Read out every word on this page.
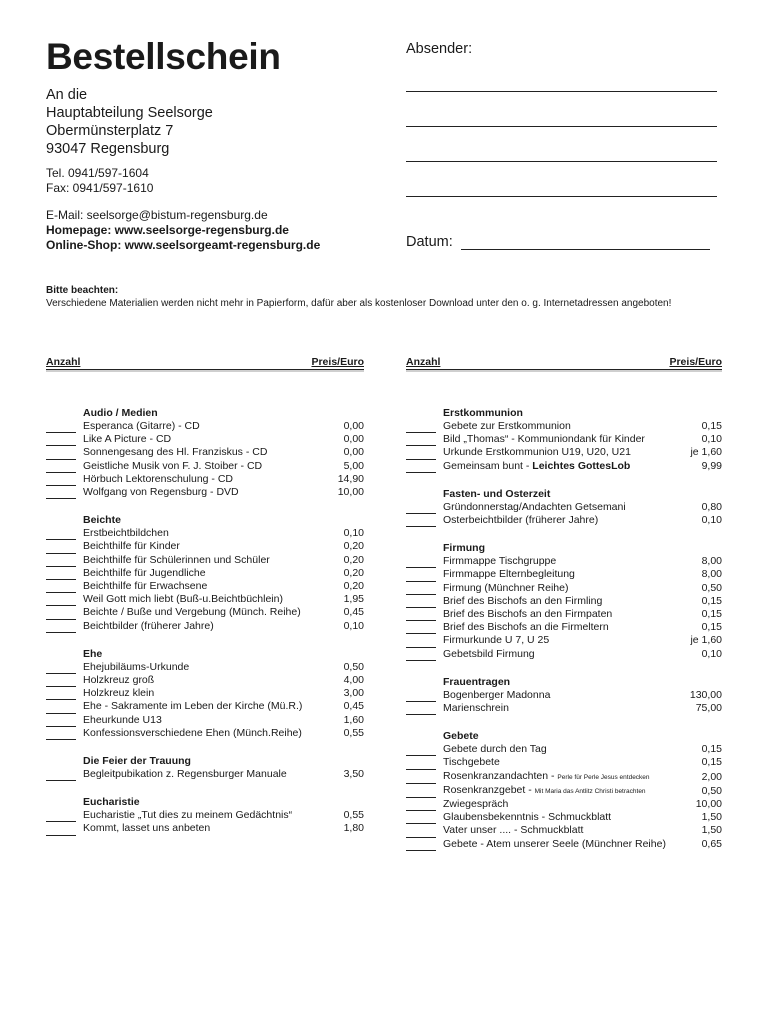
Bestellschein
An die
Hauptabteilung Seelsorge
Obermünsterplatz 7
93047 Regensburg
Tel. 0941/597-1604
Fax: 0941/597-1610
E-Mail: seelsorge@bistum-regensburg.de
Homepage: www.seelsorge-regensburg.de
Online-Shop: www.seelsorgeamt-regensburg.de
Absender:
Datum:
Bitte beachten:
Verschiedene Materialien werden nicht mehr in Papierform, dafür aber als kostenloser Download unter den o. g. Internetadressen angeboten!
Anzahl	Preis/Euro
Audio / Medien
Esperanca (Gitarre) - CD	0,00
Like A Picture - CD	0,00
Sonnengesang des Hl. Franziskus - CD	0,00
Geistliche Musik von F. J. Stoiber - CD	5,00
Hörbuch Lektorenschulung - CD	14,90
Wolfgang von Regensburg - DVD	10,00
Beichte
Erstbeichtbildchen	0,10
Beichthilfe für Kinder	0,20
Beichthilfe für Schülerinnen und Schüler	0,20
Beichthilfe für Jugendliche	0,20
Beichthilfe für Erwachsene	0,20
Weil Gott mich liebt (Buß-u.Beichtbüchlein)	1,95
Beichte / Buße und Vergebung (Münch. Reihe)	0,45
Beichtbilder (früherer Jahre)	0,10
Ehe
Ehejubiläums-Urkunde	0,50
Holzkreuz groß	4,00
Holzkreuz klein	3,00
Ehe - Sakramente im Leben der Kirche (Mü.R.)	0,45
Eheurkunde U13	1,60
Konfessionsverschiedene Ehen (Münch.Reihe)	0,55
Die Feier der Trauung
Begleitpubikation z. Regensburger Manuale	3,50
Eucharistie
Eucharistie „Tut dies zu meinem Gedächtnis“	0,55
Kommt, lasset uns anbeten	1,80
Anzahl	Preis/Euro
Erstkommunion
Gebete zur Erstkommunion	0,15
Bild „Thomas“ - Kommuniondank für Kinder	0,10
Urkunde Erstkommunion U19, U20, U21	je 1,60
Gemeinsam bunt - Leichtes GottesLob	9,99
Fasten- und Osterzeit
Gründonnerstag/Andachten Getsemani	0,80
Osterbeichtbilder (früherer Jahre)	0,10
Firmung
Firmmappe Tischgruppe	8,00
Firmmappe Elternbegleitung	8,00
Firmung (Münchner Reihe)	0,50
Brief des Bischofs an den Firmling	0,15
Brief des Bischofs an den Firmpaten	0,15
Brief des Bischofs an die Firmeltern	0,15
Firmurkunde U 7, U 25	je 1,60
Gebetsbild Firmung	0,10
Frauentragen
Bogenberger Madonna	130,00
Marienschrein	75,00
Gebete
Gebete durch den Tag	0,15
Tischgebete	0,15
Rosenkranzandachten - Perle für Perle Jesus entdecken	2,00
Rosenkranzgebet - Mit Maria das Antlitz Christi betrachten	0,50
Zwiegespräch	10,00
Glaubensbekenntnis - Schmuckblatt	1,50
Vater unser .... - Schmuckblatt	1,50
Gebete - Atem unserer Seele (Münchner Reihe)	0,65
